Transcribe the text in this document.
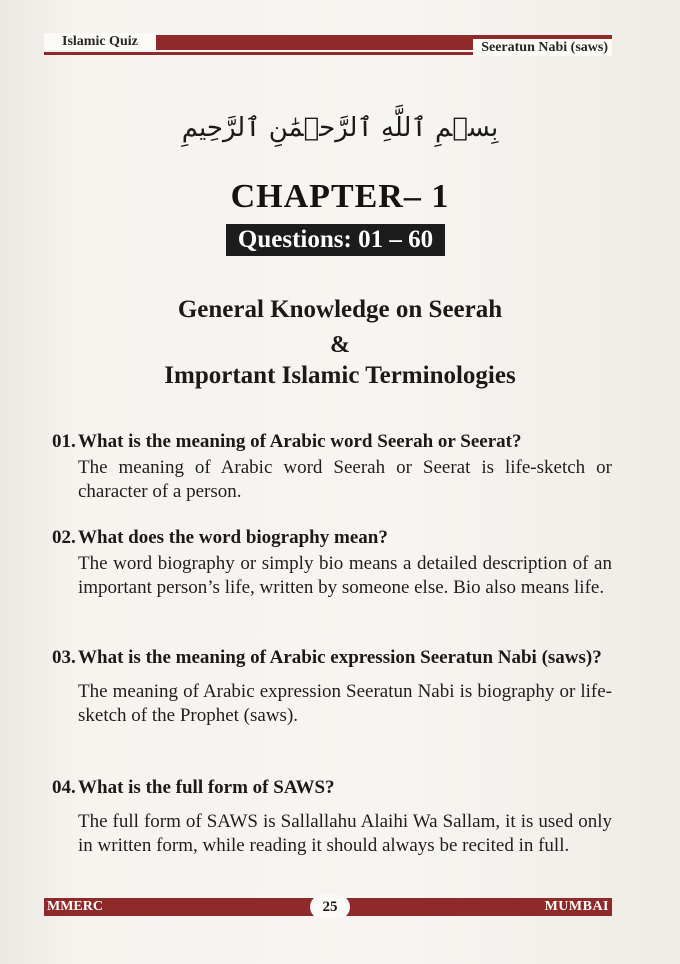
Islamic Quiz	Seeratun Nabi (saws)
بِسۡمِ ٱللَّهِ ٱلرَّحۡمَٰنِ ٱلرَّحِيمِ
CHAPTER– 1
Questions: 01 – 60
General Knowledge on Seerah
&
Important Islamic Terminologies
01. What is the meaning of Arabic word Seerah or Seerat?
The meaning of Arabic word Seerah or Seerat is life-sketch or character of a person.
02. What does the word biography mean?
The word biography or simply bio means a detailed description of an important person’s life, written by someone else. Bio also means life.
03. What is the meaning of Arabic expression Seeratun Nabi (saws)?
The meaning of Arabic expression Seeratun Nabi is biography or life-sketch of the Prophet (saws).
04. What is the full form of SAWS?
The full form of SAWS is Sallallahu Alaihi Wa Sallam, it is used only in written form, while reading it should always be recited in full.
MMERC	25	MUMBAI
